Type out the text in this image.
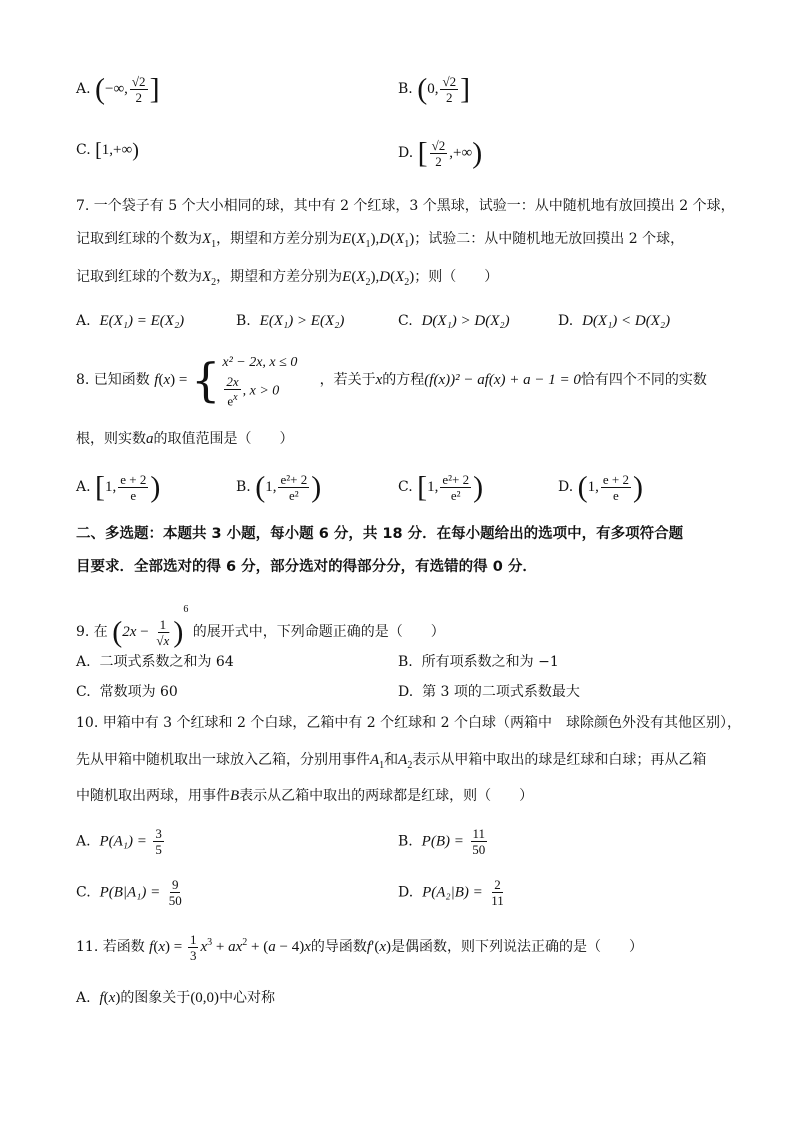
A. (−∞, $\frac{√2}{2}$ ]	B. (0, $\frac{√2}{2}$ ]
C. [1,+∞)	D. [ $\frac{√2}{2}$ ,+∞)
7. 一个袋子有 5 个大小相同的球，其中有 2 个红球，3 个黑球，试验一：从中随机地有放回摸出 2 个球，
记取到红球的个数为$X_1$，期望和方差分别为$E(X_1),D(X_1)$；试验二：从中随机地无放回摸出 2 个球，
记取到红球的个数为$X_2$，期望和方差分别为$E(X_2),D(X_2)$；则（　　）
A. E(X₁) = E(X₂)	B. E(X₁) > E(X₂)	C. D(X₁) > D(X₂)	D. D(X₁) < D(X₂)
8. 已知函数 f(x) = { x² − 2x, x ≤ 0
$\frac{2x}{e^x}$ , x > 0
，若关于x的方程(f(x))² − af(x) + a − 1 = 0恰有四个不同的实数
根，则实数a的取值范围是（　　）
A. [1, $\frac{e + 2}{e}$ )	B. (1, $\frac{\text{e²+ 2}}{\text{e²}}$ )	C. [1, $\frac{\text{e²+ 2}}{\text{e²}}$ )	D. (1, $\frac{e + 2}{e}$ )
二、多选题：本题共 3 小题，每小题 6 分，共 18 分．在每小题给出的选项中，有多项符合题
目要求．全部选对的得 6 分，部分选对的得部分分，有选错的得 0 分．
9. 在 $(2x - \frac{1}{√x} )^6$ 的展开式中，下列命题正确的是（　　）
A. 二项式系数之和为 64	B. 所有项系数之和为 −1
C. 常数项为 60	D. 第 3 项的二项式系数最大
10. 甲箱中有 3 个红球和 2 个白球，乙箱中有 2 个红球和 2 个白球（两箱中　球除颜色外没有其他区别），
先从甲箱中随机取出一球放入乙箱，分别用事件$A_1$和$A_2$表示从甲箱中取出的球是红球和白球；再从乙箱
中随机取出两球，用事件B表示从乙箱中取出的两球都是红球，则（　　）
A. $P(A_1) = \frac{3}{5}$	B. $P(B) = \frac{11}{50}$
C. $P(B|A_1) = \frac{9}{50}$	D. $P(A_2|B) = \frac{2}{11}$
11. 若函数 $f(x) = \frac{1}{3} x^3 + ax^2 + (a - 4)x$的导函数f′(x)是偶函数，则下列说法正确的是（　　）
A. f(x)的图象关于(0,0)中心对称
